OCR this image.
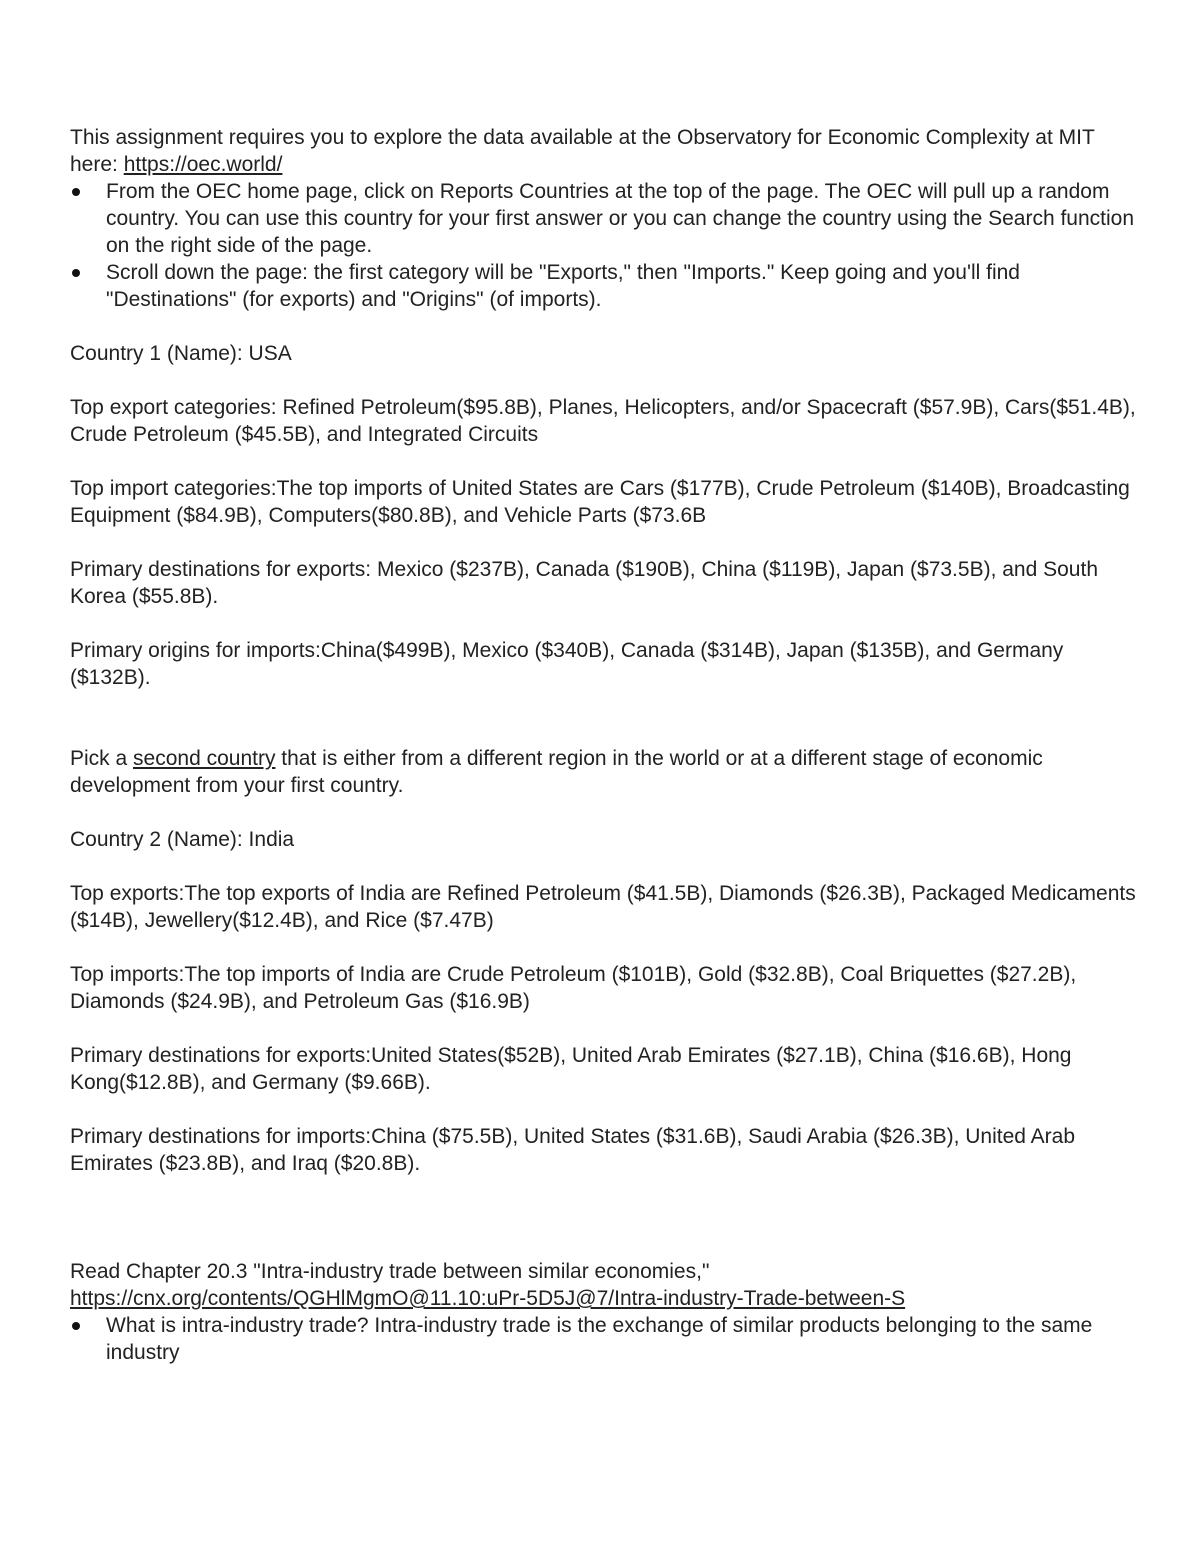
This assignment requires you to explore the data available at the Observatory for Economic Complexity at MIT here: https://oec.world/

From the OEC home page, click on Reports Countries at the top of the page. The OEC will pull up a random country. You can use this country for your first answer or you can change the country using the Search function on the right side of the page.
Scroll down the page: the first category will be "Exports," then "Imports." Keep going and you'll find "Destinations" (for exports) and "Origins" (of imports).

Country 1 (Name): USA

Top export categories: Refined Petroleum($95.8B), Planes, Helicopters, and/or Spacecraft ($57.9B), Cars($51.4B), Crude Petroleum ($45.5B), and Integrated Circuits

Top import categories:The top imports of United States are Cars ($177B), Crude Petroleum ($140B), Broadcasting Equipment ($84.9B), Computers($80.8B), and Vehicle Parts ($73.6B

Primary destinations for exports: Mexico ($237B), Canada ($190B), China ($119B), Japan ($73.5B), and South Korea ($55.8B).

Primary origins for imports:China($499B), Mexico ($340B), Canada ($314B), Japan ($135B), and Germany ($132B).

Pick a second country that is either from a different region in the world or at a different stage of economic development from your first country.

Country 2 (Name): India

Top exports:The top exports of India are Refined Petroleum ($41.5B), Diamonds ($26.3B), Packaged Medicaments ($14B), Jewellery($12.4B), and Rice ($7.47B)

Top imports:The top imports of India are Crude Petroleum ($101B), Gold ($32.8B), Coal Briquettes ($27.2B), Diamonds ($24.9B), and Petroleum Gas ($16.9B)

Primary destinations for exports:United States($52B), United Arab Emirates ($27.1B), China ($16.6B), Hong Kong($12.8B), and Germany ($9.66B).

Primary destinations for imports:China ($75.5B), United States ($31.6B), Saudi Arabia ($26.3B), United Arab Emirates ($23.8B), and Iraq ($20.8B).

Read Chapter 20.3 "Intra-industry trade between similar economies,"

https://cnx.org/contents/QGHlMgmO@11.10:uPr-5D5J@7/Intra-industry-Trade-between-S

What is intra-industry trade? Intra-industry trade is the exchange of similar products belonging to the same industry
